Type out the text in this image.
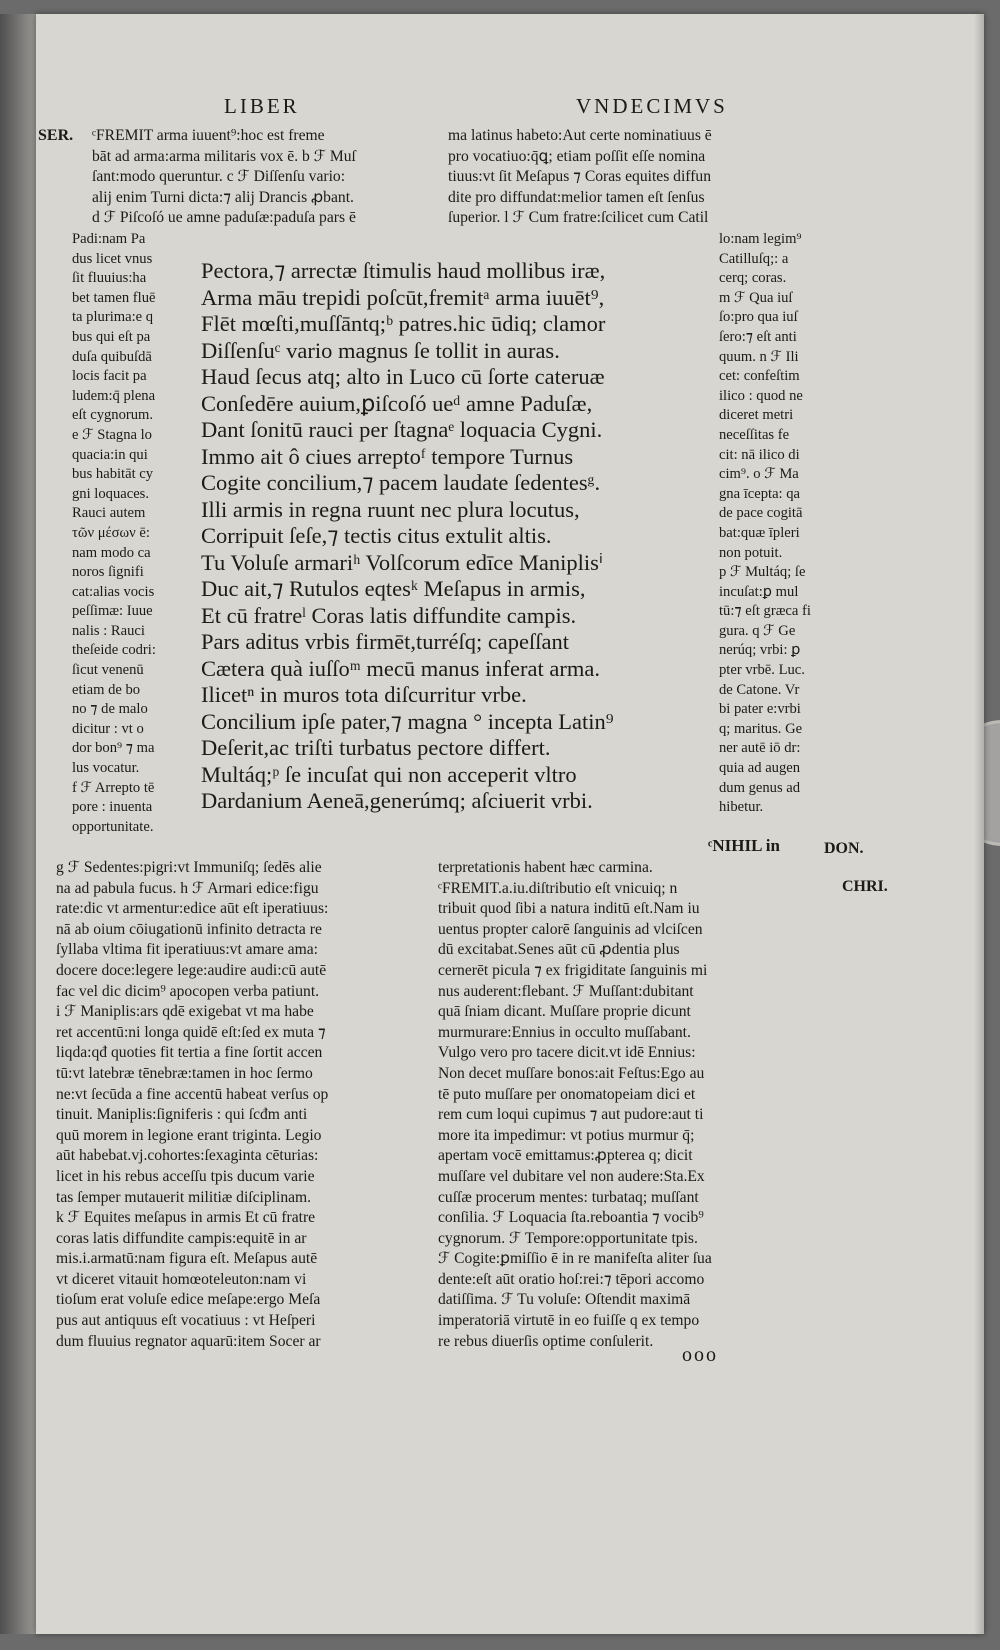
LIBER	VNDECIMVS
SER.
DON.
CHRI.
ᶜFREMIT arma iuuent⁹:hoc est freme
bāt ad arma:arma militaris vox ē. b ℱ Muſ
ſant:modo queruntur. c ℱ Diſſenſu vario:
alij enim Turni dicta:⁊ alij Drancis ꝓbant.
d ℱ Piſcoſó ue amne paduſæ:paduſa pars ē
ma latinus habeto:Aut certe nominatiuus ē
pro vocatiuo:q̄ꝗ; etiam poſſit eſſe nomina
tiuus:vt ſit Meſapus ⁊ Coras equites diffun
dite pro diffundat:melior tamen eſt ſenſus
ſuperior. l ℱ Cum fratre:ſcilicet cum Catil
Padi:nam Pa
dus licet vnus
ſit fluuius:ha
bet tamen fluē
ta plurima:e q
bus qui eſt pa
duſa quibuſdā
locis facit pa
ludem:q̄ plena
eſt cygnorum.
e ℱ Stagna lo
quacia:in qui
bus habitāt cy
gni loquaces.
Rauci autem
τῶν μέσων ē:
nam modo ca
noros ſignifi
cat:alias vocis
peſſimæ: Iuue
nalis : Rauci
theſeide codri:
ſicut venenū
etiam de bo
no ⁊ de malo
dicitur : vt o
dor bon⁹ ⁊ ma
lus vocatur.
f ℱ Arrepto tē
pore : inuenta
opportunitate.
Pectora,⁊ arrectæ ſtimulis haud mollibus iræ,
Arma māu trepidi poſcūt,fremitᵃ arma iuuēt⁹,
Flēt mœſti,muſſāntq;ᵇ patres.hic ūdiq; clamor
Diſſenſuᶜ vario magnus ſe tollit in auras.
Haud ſecus atq; alto in Luco cū ſorte cateruæ
Conſedēre auium,ꝑiſcoſó ueᵈ amne Paduſæ,
Dant ſonitū rauci per ſtagnaᵉ loquacia Cygni.
Immo ait ô ciues arreptoᶠ tempore Turnus
Cogite concilium,⁊ pacem laudate ſedentesᵍ.
Illi armis in regna ruunt nec plura locutus,
Corripuit ſeſe,⁊ tectis citus extulit altis.
Tu Voluſe armariʰ Volſcorum edīce Maniplisⁱ
Duc ait,⁊ Rutulos eqtesᵏ Meſapus in armis,
Et cū fratreˡ Coras latis diffundite campis.
Pars aditus vrbis firmēt,turréſq; capeſſant
Cætera quà iuſſoᵐ mecū manus inferat arma.
Ilicetⁿ in muros tota diſcurritur vrbe.
Concilium ipſe pater,⁊ magna ° incepta Latin⁹
Deſerit,ac triſti turbatus pectore differt.
Multáq;ᵖ ſe incuſat qui non acceperit vltro
Dardanium Aeneā,generúmq; aſciuerit vrbi.
lo:nam legim⁹
Catilluſq;: a
cerq; coras.
m ℱ Qua iuſ
ſo:pro qua iuſ
ſero:⁊ eſt anti
quum. n ℱ Ili
cet: confeſtim
ilico : quod ne
diceret metri
neceſſitas fe
cit: nā ilico di
cim⁹. o ℱ Ma
gna īcepta: qa
de pace cogitā
bat:quæ īpleri
non potuit.
p ℱ Multáq; ſe
incuſat:ꝑ mul
tū:⁊ eſt græca fi
gura. q ℱ Ge
nerúq; vrbi: ꝑ
pter vrbē. Luc.
de Catone. Vr
bi pater e:vrbi
q; maritus. Ge
ner autē iō dr:
quia ad augen
dum genus ad
hibetur.
ᶜNIHIL in
g ℱ Sedentes:pigri:vt Immuniſq; ſedēs alie
na ad pabula fucus. h ℱ Armari edice:figu
rate:dic vt armentur:edice aūt eſt iperatiuus:
nā ab oium cōiugationū infinito detracta re
ſyllaba vltima fit iperatiuus:vt amare ama:
docere doce:legere lege:audire audi:cū autē
fac vel dic dicim⁹ apocopen verba patiunt.
i ℱ Maniplis:ars qdē exigebat vt ma habe
ret accentū:ni longa quidē eſt:ſed ex muta ⁊
liqda:qđ quoties fit tertia a fine ſortit accen
tū:vt latebræ tēnebræ:tamen in hoc ſermo
ne:vt ſecūda a fine accentū habeat verſus op
tinuit. Maniplis:ſigniferis : qui ſcđm anti
quū morem in legione erant triginta. Legio
aūt habebat.vj.cohortes:ſexaginta cēturias:
licet in his rebus acceſſu tpis ducum varie
tas ſemper mutauerit militiæ diſciplinam.
k ℱ Equites meſapus in armis Et cū fratre
coras latis diffundite campis:equitē in ar
mis.i.armatū:nam figura eſt. Meſapus autē
vt diceret vitauit homœoteleuton:nam vi
tioſum erat voluſe edice meſape:ergo Meſa
pus aut antiquus eſt vocatiuus : vt Heſperi
dum fluuius regnator aquarū:item Socer ar
terpretationis habent hæc carmina.
ᶜFREMIT.a.iu.diſtributio eſt vnicuiq; n
tribuit quod ſibi a natura inditū eſt.Nam iu
uentus propter calorē ſanguinis ad vlciſcen
dū excitabat.Senes aūt cū ꝓdentia plus
cernerēt picula ⁊ ex frigiditate ſanguinis mi
nus auderent:flebant. ℱ Muſſant:dubitant
quā ſniam dicant. Muſſare proprie dicunt
murmurare:Ennius in occulto muſſabant.
Vulgo vero pro tacere dicit.vt idē Ennius:
Non decet muſſare bonos:ait Feſtus:Ego au
tē puto muſſare per onomatopeiam dici et
rem cum loqui cupimus ⁊ aut pudore:aut ti
more ita impedimur: vt potius murmur q̄;
apertam vocē emittamus:ꝓpterea q; dicit
muſſare vel dubitare vel non audere:Sta.Ex
cuſſæ procerum mentes: turbataq; muſſant
conſilia. ℱ Loquacia ſta.reboantia ⁊ vocib⁹
cygnorum. ℱ Tempore:opportunitate tpis.
ℱ Cogite:ꝑmiſſio ē in re manifeſta aliter ſua
dente:eſt aūt oratio hoſ:rei:⁊ tēpori accomo
datiſſima. ℱ Tu voluſe: Oſtendit maximā
imperatoriā virtutē in eo fuiſſe q ex tempo
re rebus diuerſis optime conſulerit.
ooo
